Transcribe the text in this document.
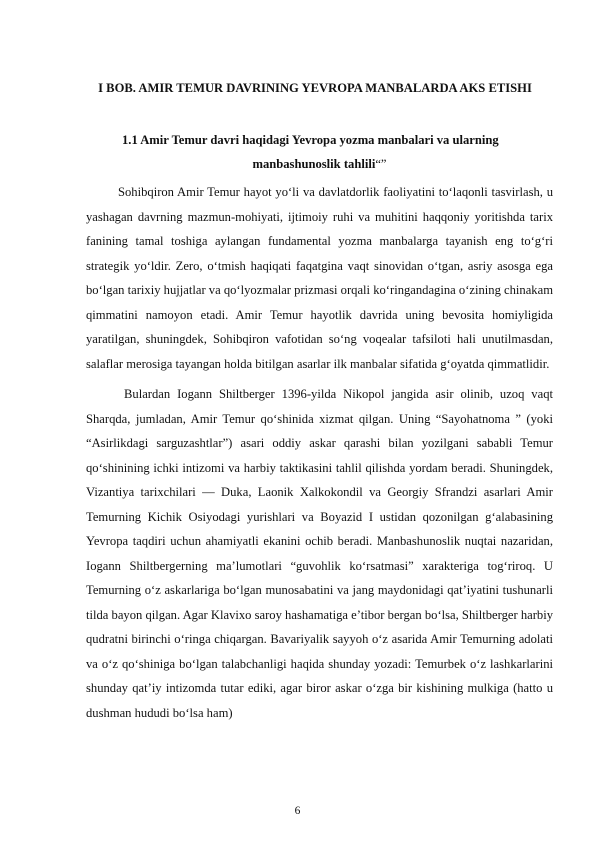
I BOB. AMIR TEMUR DAVRINING YEVROPA MANBALARDA AKS ETISHI
1.1 Amir Temur davri haqidagi Yevropa yozma manbalari va ularning
manbashunoslik tahlili“”

Sohibqiron Amir Temur hayot yo‘li va davlatdorlik faoliyatini to‘laqonli tasvirlash, u yashagan davrning mazmun-mohiyati, ijtimoiy ruhi va muhitini haqqoniy yoritishda tarix fanining tamal toshiga aylangan fundamental yozma manbalarga tayanish eng to‘g‘ri strategik yo‘ldir. Zero, o‘tmish haqiqati faqatgina vaqt sinovidan o‘tgan, asriy asosga ega bo‘lgan tarixiy hujjatlar va qo‘lyozmalar prizmasi orqali ko‘ringandagina o‘zining chinakam qimmatini namoyon etadi. Amir Temur hayotlik davrida uning bevosita homiyligida yaratilgan, shuningdek, Sohibqiron vafotidan so‘ng voqealar tafsiloti hali unutilmasdan, salaflar merosiga tayangan holda bitilgan asarlar ilk manbalar sifatida g‘oyatda qimmatlidir.

Bulardan Iogann Shiltberger 1396-yilda Nikopol jangida asir olinib, uzoq vaqt Sharqda, jumladan, Amir Temur qo‘shinida xizmat qilgan. Uning “Sayohatnoma ” (yoki “Asirlikdagi sarguzashtlar”) asari oddiy askar qarashi bilan yozilgani sababli Temur qo‘shinining ichki intizomi va harbiy taktikasini tahlil qilishda yordam beradi. Shuningdek, Vizantiya tarixchilari — Duka, Laonik Xalkokondil va Georgiy Sfrandzi asarlari Amir Temurning Kichik Osiyodagi yurishlari va Boyazid I ustidan qozonilgan g‘alabasining Yevropa taqdiri uchun ahamiyatli ekanini ochib beradi. Manbashunoslik nuqtai nazaridan, Iogann Shiltbergerning ma’lumotlari “guvohlik ko‘rsatmasi” xarakteriga tog‘riroq. U Temurning o‘z askarlariga bo‘lgan munosabatini va jang maydonidagi qat’iyatini tushunarli tilda bayon qilgan. Agar Klavixo saroy hashamatiga e’tibor bergan bo‘lsa, Shiltberger harbiy qudratni birinchi o‘ringa chiqargan. Bavariyalik sayyoh o‘z asarida Amir Temurning adolati va o‘z qo‘shiniga bo‘lgan talabchanligi haqida shunday yozadi: Temurbek o‘z lashkarlarini shunday qat’iy intizomda tutar ediki, agar biror askar o‘zga bir kishining mulkiga (hatto u dushman hududi bo‘lsa ham)

6
